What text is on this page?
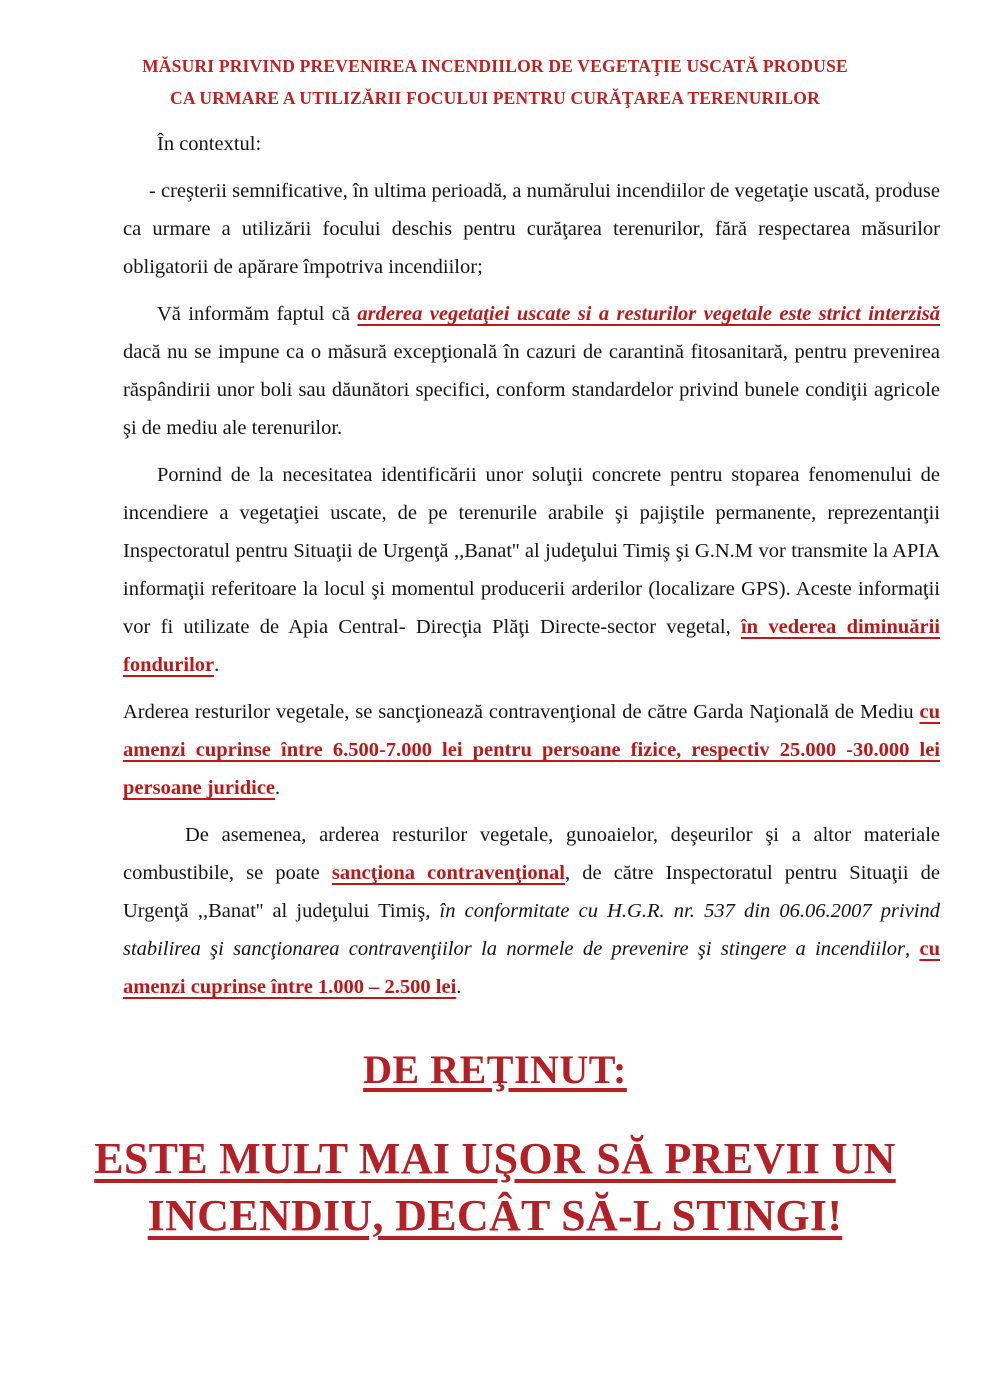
MĂSURI PRIVIND PREVENIREA INCENDIILOR DE VEGETAŢIE USCATĂ PRODUSE
CA URMARE A UTILIZĂRII FOCULUI PENTRU CURĂŢAREA TERENURILOR

În contextul:

- creşterii semnificative, în ultima perioadă, a numărului incendiilor de vegetaţie uscată, produse ca urmare a utilizării focului deschis pentru curăţarea terenurilor, fără respectarea măsurilor obligatorii de apărare împotriva incendiilor;

Vă informăm faptul că arderea vegetaţiei uscate si a resturilor vegetale este strict interzisă dacă nu se impune ca o măsură excepţională în cazuri de carantină fitosanitară, pentru prevenirea răspândirii unor boli sau dăunători specifici, conform standardelor privind bunele condiţii agricole şi de mediu ale terenurilor.

Pornind de la necesitatea identificării unor soluţii concrete pentru stoparea fenomenului de incendiere a vegetaţiei uscate, de pe terenurile arabile şi pajiştile permanente, reprezentanţii Inspectoratul pentru Situaţii de Urgenţă ,,Banat'' al judeţului Timiş şi G.N.M vor transmite la APIA informaţii referitoare la locul şi momentul producerii arderilor (localizare GPS). Aceste informaţii vor fi utilizate de Apia Central- Direcţia Plăţi Directe-sector vegetal, în vederea diminuării fondurilor.

Arderea resturilor vegetale, se sancţionează contravenţional de către Garda Naţională de Mediu cu amenzi cuprinse între 6.500-7.000 lei pentru persoane fizice, respectiv 25.000 -30.000 lei persoane juridice.

De asemenea, arderea resturilor vegetale, gunoaielor, deşeurilor şi a altor materiale combustibile, se poate sancţiona contravenţional, de către Inspectoratul pentru Situaţii de Urgenţă ,,Banat'' al judeţului Timiş, în conformitate cu H.G.R. nr. 537 din 06.06.2007 privind stabilirea şi sancţionarea contravenţiilor la normele de prevenire şi stingere a incendiilor, cu amenzi cuprinse între 1.000 – 2.500 lei.

DE REŢINUT:
ESTE MULT MAI UŞOR SĂ PREVII UN
INCENDIU, DECÂT SĂ-L STINGI!
